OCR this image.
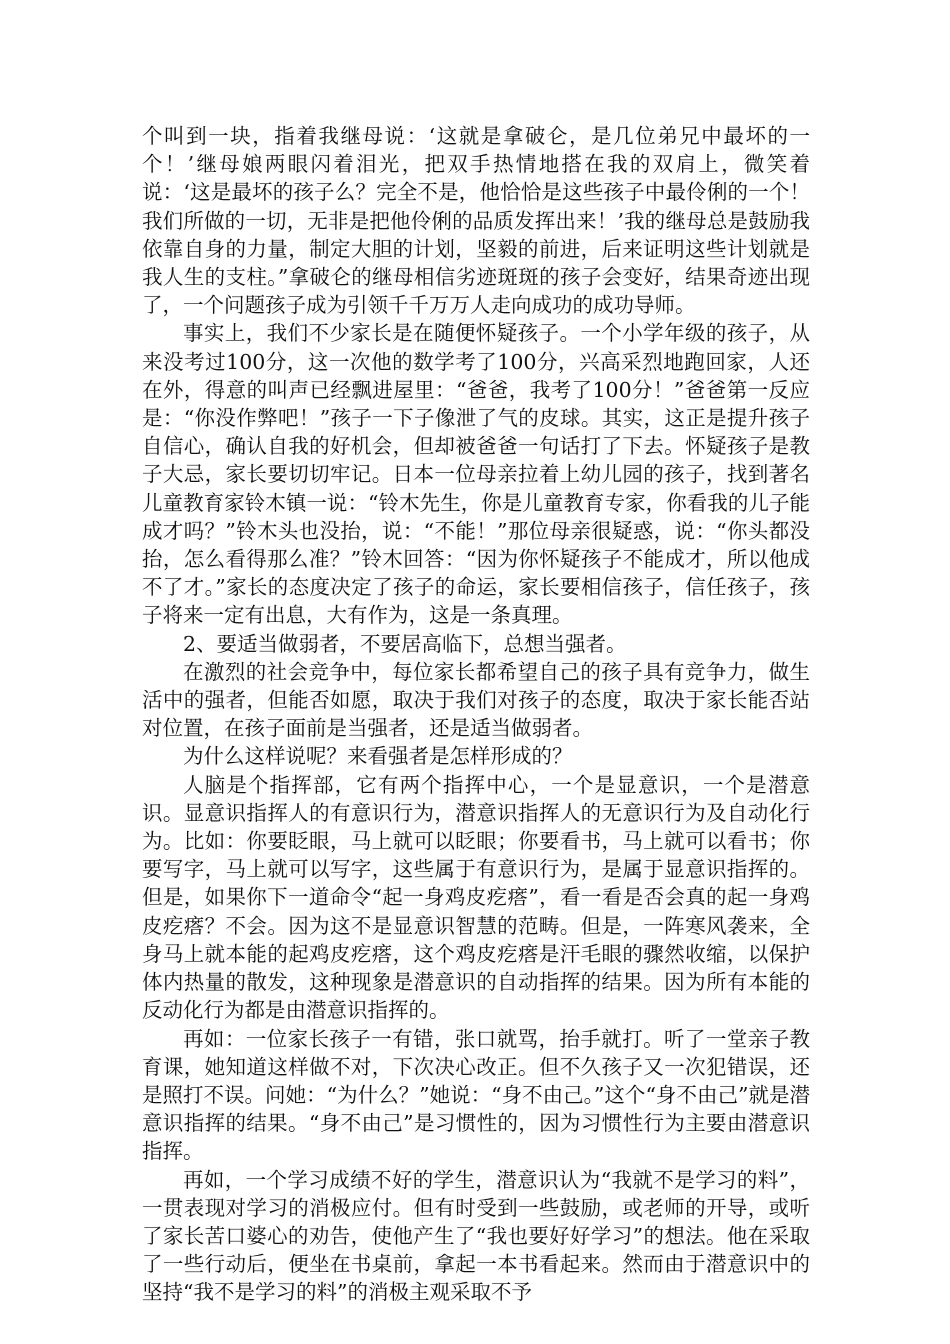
个叫到一块，指着我继母说：‘这就是拿破仑，是几位弟兄中最坏的一个！’继母娘两眼闪着泪光，把双手热情地搭在我的双肩上，微笑着说：‘这是最坏的孩子么？完全不是，他恰恰是这些孩子中最伶俐的一个！我们所做的一切，无非是把他伶俐的品质发挥出来！’我的继母总是鼓励我依靠自身的力量，制定大胆的计划，坚毅的前进，后来证明这些计划就是我人生的支柱。”拿破仑的继母相信劣迹斑斑的孩子会变好，结果奇迹出现了，一个问题孩子成为引领千千万万人走向成功的成功导师。

事实上，我们不少家长是在随便怀疑孩子。一个小学年级的孩子，从来没考过100分，这一次他的数学考了100分，兴高采烈地跑回家，人还在外，得意的叫声已经飘进屋里：“爸爸，我考了100分！”爸爸第一反应是：“你没作弊吧！”孩子一下子像泄了气的皮球。其实，这正是提升孩子自信心，确认自我的好机会，但却被爸爸一句话打了下去。怀疑孩子是教子大忌，家长要切切牢记。日本一位母亲拉着上幼儿园的孩子，找到著名儿童教育家铃木镇一说：“铃木先生，你是儿童教育专家，你看我的儿子能成才吗？”铃木头也没抬，说：“不能！”那位母亲很疑惑，说：“你头都没抬，怎么看得那么准？”铃木回答：“因为你怀疑孩子不能成才，所以他成不了才。”家长的态度决定了孩子的命运，家长要相信孩子，信任孩子，孩子将来一定有出息，大有作为，这是一条真理。

2、要适当做弱者，不要居高临下，总想当强者。

在激烈的社会竞争中，每位家长都希望自己的孩子具有竞争力，做生活中的强者，但能否如愿，取决于我们对孩子的态度，取决于家长能否站对位置，在孩子面前是当强者，还是适当做弱者。

为什么这样说呢？来看强者是怎样形成的？

人脑是个指挥部，它有两个指挥中心，一个是显意识，一个是潜意识。显意识指挥人的有意识行为，潜意识指挥人的无意识行为及自动化行为。比如：你要眨眼，马上就可以眨眼；你要看书，马上就可以看书；你要写字，马上就可以写字，这些属于有意识行为，是属于显意识指挥的。但是，如果你下一道命令“起一身鸡皮疙瘩”，看一看是否会真的起一身鸡皮疙瘩？不会。因为这不是显意识智慧的范畴。但是，一阵寒风袭来，全身马上就本能的起鸡皮疙瘩，这个鸡皮疙瘩是汗毛眼的骤然收缩，以保护体内热量的散发，这种现象是潜意识的自动指挥的结果。因为所有本能的反动化行为都是由潜意识指挥的。

再如：一位家长孩子一有错，张口就骂，抬手就打。听了一堂亲子教育课，她知道这样做不对，下次决心改正。但不久孩子又一次犯错误，还是照打不误。问她：“为什么？”她说：“身不由己。”这个“身不由己”就是潜意识指挥的结果。“身不由己”是习惯性的，因为习惯性行为主要由潜意识指挥。

再如，一个学习成绩不好的学生，潜意识认为“我就不是学习的料”，一贯表现对学习的消极应付。但有时受到一些鼓励，或老师的开导，或听了家长苦口婆心的劝告，使他产生了“我也要好好学习”的想法。他在采取了一些行动后，便坐在书桌前，拿起一本书看起来。然而由于潜意识中的坚持“我不是学习的料”的消极主观采取不予
